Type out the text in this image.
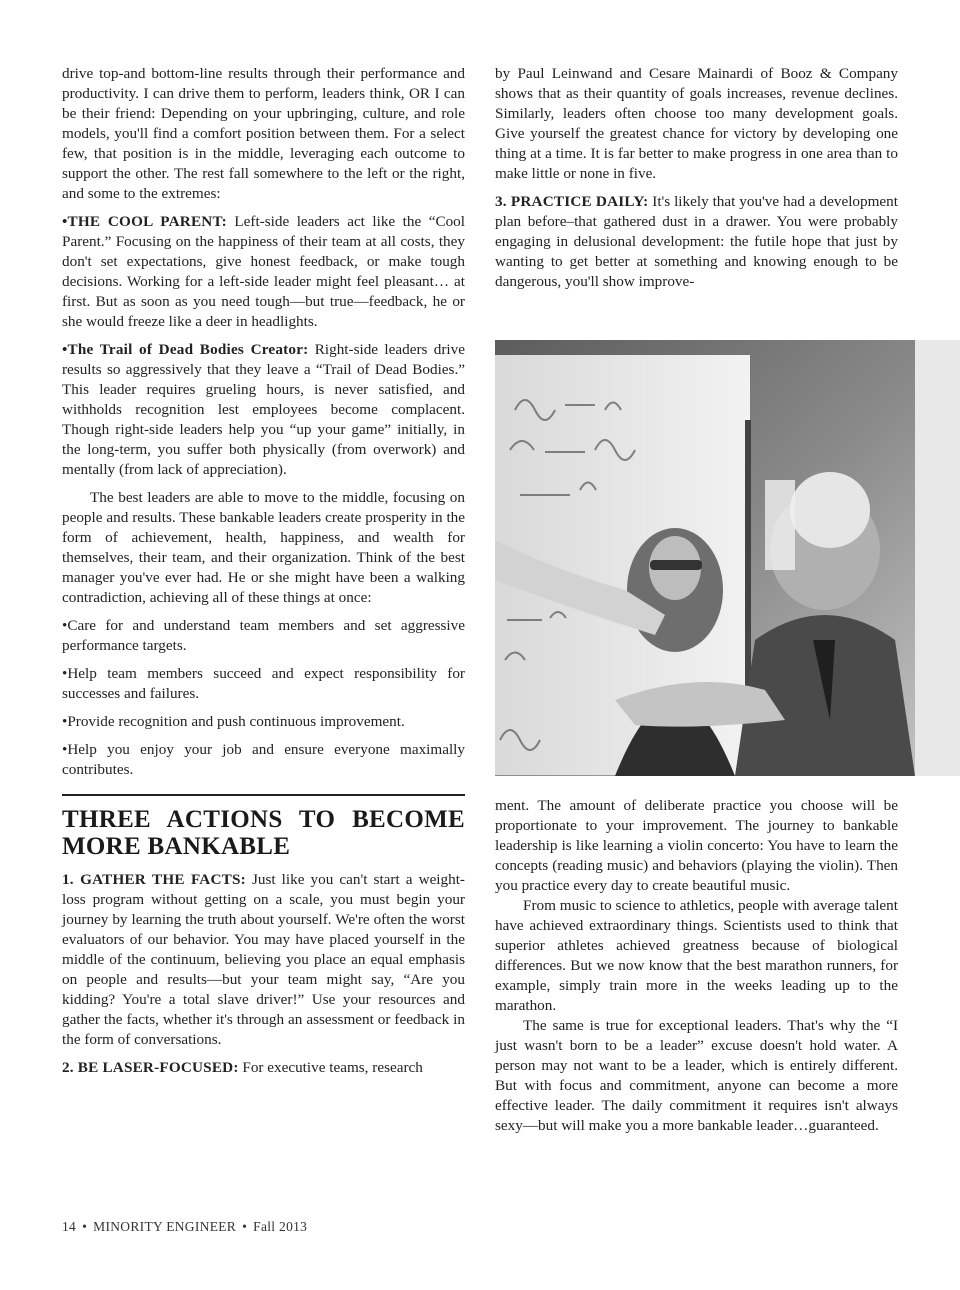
drive top-and bottom-line results through their performance and productivity. I can drive them to perform, leaders think, OR I can be their friend: Depending on your upbringing, culture, and role models, you'll find a comfort position between them. For a select few, that position is in the middle, leveraging each outcome to support the other. The rest fall somewhere to the left or the right, and some to the extremes:

•THE COOL PARENT: Left-side leaders act like the “Cool Parent.” Focusing on the happiness of their team at all costs, they don't set expectations, give honest feedback, or make tough decisions. Working for a left-side leader might feel pleasant… at first. But as soon as you need tough—but true—feedback, he or she would freeze like a deer in headlights.

•The Trail of Dead Bodies Creator: Right-side leaders drive results so aggressively that they leave a “Trail of Dead Bodies.” This leader requires grueling hours, is never satisfied, and withholds recognition lest employees become complacent. Though right-side leaders help you “up your game” initially, in the long-term, you suffer both physically (from overwork) and mentally (from lack of appreciation).

The best leaders are able to move to the middle, focusing on people and results. These bankable leaders create prosperity in the form of achievement, health, happiness, and wealth for themselves, their team, and their organization. Think of the best manager you've ever had. He or she might have been a walking contradiction, achieving all of these things at once:

•Care for and understand team members and set aggressive performance targets.

•Help team members succeed and expect responsibility for successes and failures.

•Provide recognition and push continuous improvement.

•Help you enjoy your job and ensure everyone maximally contributes.

THREE ACTIONS TO BECOME MORE BANKABLE

1. GATHER THE FACTS: Just like you can't start a weight-loss program without getting on a scale, you must begin your journey by learning the truth about yourself. We're often the worst evaluators of our behavior. You may have placed yourself in the middle of the continuum, believing you place an equal emphasis on people and results—but your team might say, “Are you kidding? You're a total slave driver!” Use your resources and gather the facts, whether it's through an assessment or feedback in the form of conversations.

2. BE LASER-FOCUSED: For executive teams, research

by Paul Leinwand and Cesare Mainardi of Booz & Company shows that as their quantity of goals increases, revenue declines. Similarly, leaders often choose too many development goals. Give yourself the greatest chance for victory by developing one thing at a time. It is far better to make progress in one area than to make little or none in five.

3. PRACTICE DAILY: It's likely that you've had a development plan before–that gathered dust in a drawer. You were probably engaging in delusional development: the futile hope that just by wanting to get better at something and knowing enough to be dangerous, you'll show improve-

ment. The amount of deliberate practice you choose will be proportionate to your improvement. The journey to bankable leadership is like learning a violin concerto: You have to learn the concepts (reading music) and behaviors (playing the violin). Then you practice every day to create beautiful music.

From music to science to athletics, people with average talent have achieved extraordinary things. Scientists used to think that superior athletes achieved greatness because of biological differences. But we now know that the best marathon runners, for example, simply train more in the weeks leading up to the marathon.

The same is true for exceptional leaders. That's why the “I just wasn't born to be a leader” excuse doesn't hold water. A person may not want to be a leader, which is entirely different. But with focus and commitment, anyone can become a more effective leader. The daily commitment it requires isn't always sexy—but will make you a more bankable leader…guaranteed.

14 • MINORITY ENGINEER • Fall 2013
